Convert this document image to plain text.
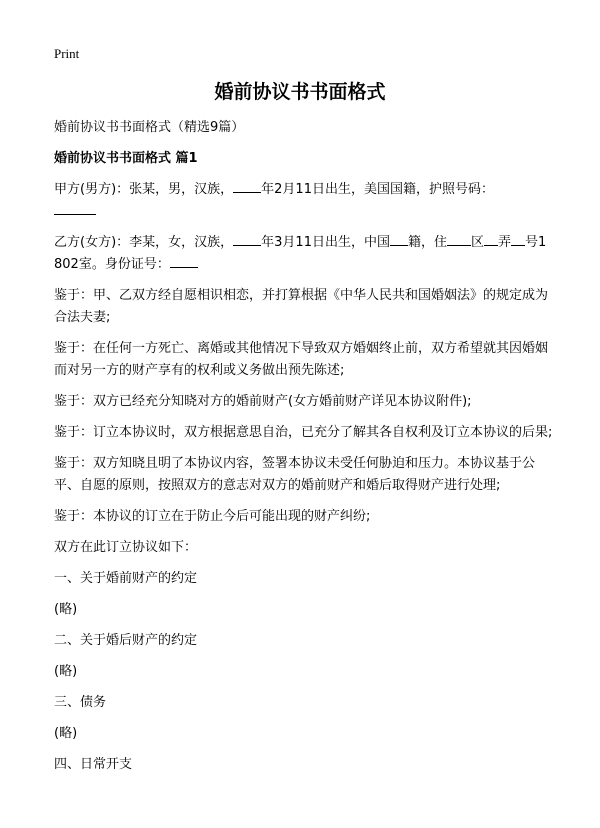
Print
婚前协议书书面格式

婚前协议书书面格式（精选9篇）

婚前协议书书面格式 篇1

甲方(男方)：张某，男，汉族， 年2月11日出生，美国国籍，护照号码：

乙方(女方)：李某，女，汉族， 年3月11日出生，中国 籍，住 区 弄 号1802室。身份证号：

鉴于：甲、乙双方经自愿相识相恋，并打算根据《中华人民共和国婚姻法》的规定成为合法夫妻;

鉴于：在任何一方死亡、离婚或其他情况下导致双方婚姻终止前，双方希望就其因婚姻而对另一方的财产享有的权利或义务做出预先陈述;

鉴于：双方已经充分知晓对方的婚前财产(女方婚前财产详见本协议附件);

鉴于：订立本协议时，双方根据意思自治，已充分了解其各自权利及订立本协议的后果;

鉴于：双方知晓且明了本协议内容，签署本协议未受任何胁迫和压力。本协议基于公平、自愿的原则，按照双方的意志对双方的婚前财产和婚后取得财产进行处理;

鉴于：本协议的订立在于防止今后可能出现的财产纠纷;

双方在此订立协议如下：

一、关于婚前财产的约定

(略)

二、关于婚后财产的约定

(略)

三、债务

(略)

四、日常开支
